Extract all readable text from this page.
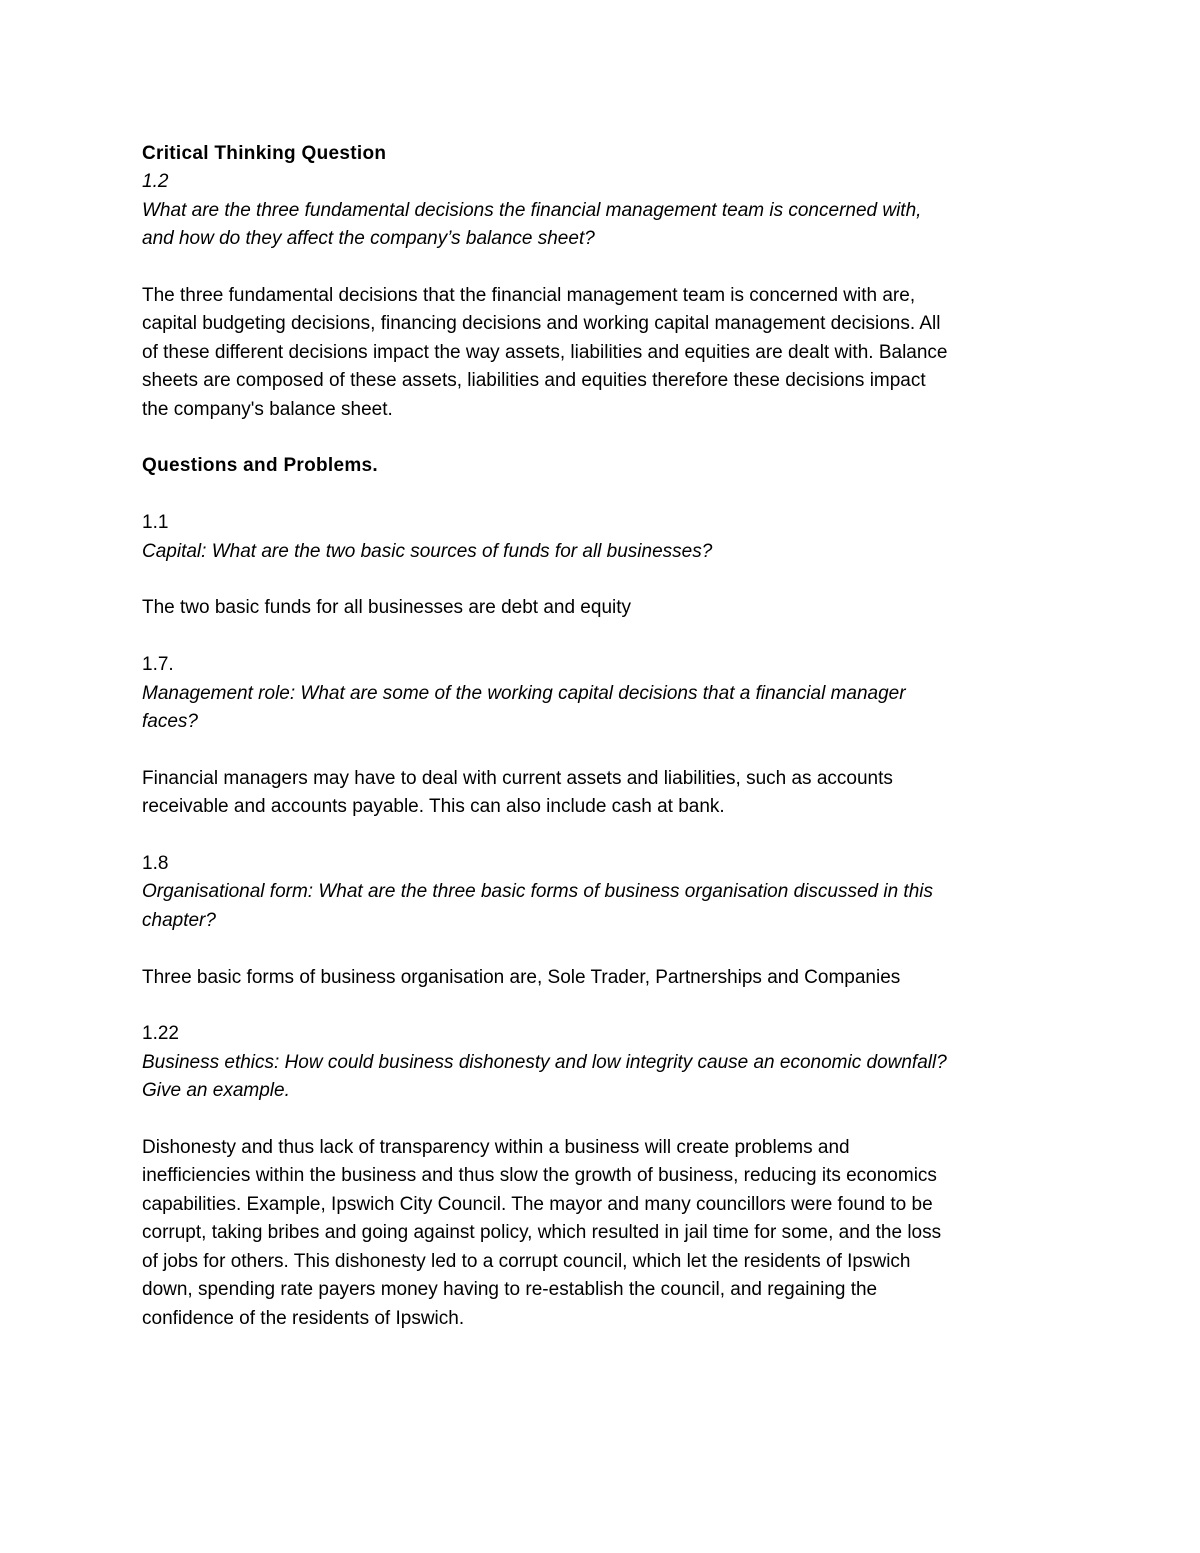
Critical Thinking Question
1.2
What are the three fundamental decisions the financial management team is concerned with,
and how do they affect the company’s balance sheet?
The three fundamental decisions that the financial management team is concerned with are,
capital budgeting decisions, financing decisions and working capital management decisions. All
of these different decisions impact the way assets, liabilities and equities are dealt with. Balance
sheets are composed of these assets, liabilities and equities therefore these decisions impact
the company's balance sheet.
Questions and Problems.
1.1
Capital: What are the two basic sources of funds for all businesses?
The two basic funds for all businesses are debt and equity
1.7.
Management role: What are some of the working capital decisions that a financial manager
faces?
Financial managers may have to deal with current assets and liabilities, such as accounts
receivable and accounts payable. This can also include cash at bank.
1.8
Organisational form: What are the three basic forms of business organisation discussed in this
chapter?
Three basic forms of business organisation are, Sole Trader, Partnerships and Companies
1.22
Business ethics: How could business dishonesty and low integrity cause an economic downfall?
Give an example.
Dishonesty and thus lack of transparency within a business will create problems and
inefficiencies within the business and thus slow the growth of business, reducing its economics
capabilities. Example, Ipswich City Council. The mayor and many councillors were found to be
corrupt, taking bribes and going against policy, which resulted in jail time for some, and the loss
of jobs for others. This dishonesty led to a corrupt council, which let the residents of Ipswich
down, spending rate payers money having to re-establish the council, and regaining the
confidence of the residents of Ipswich.
